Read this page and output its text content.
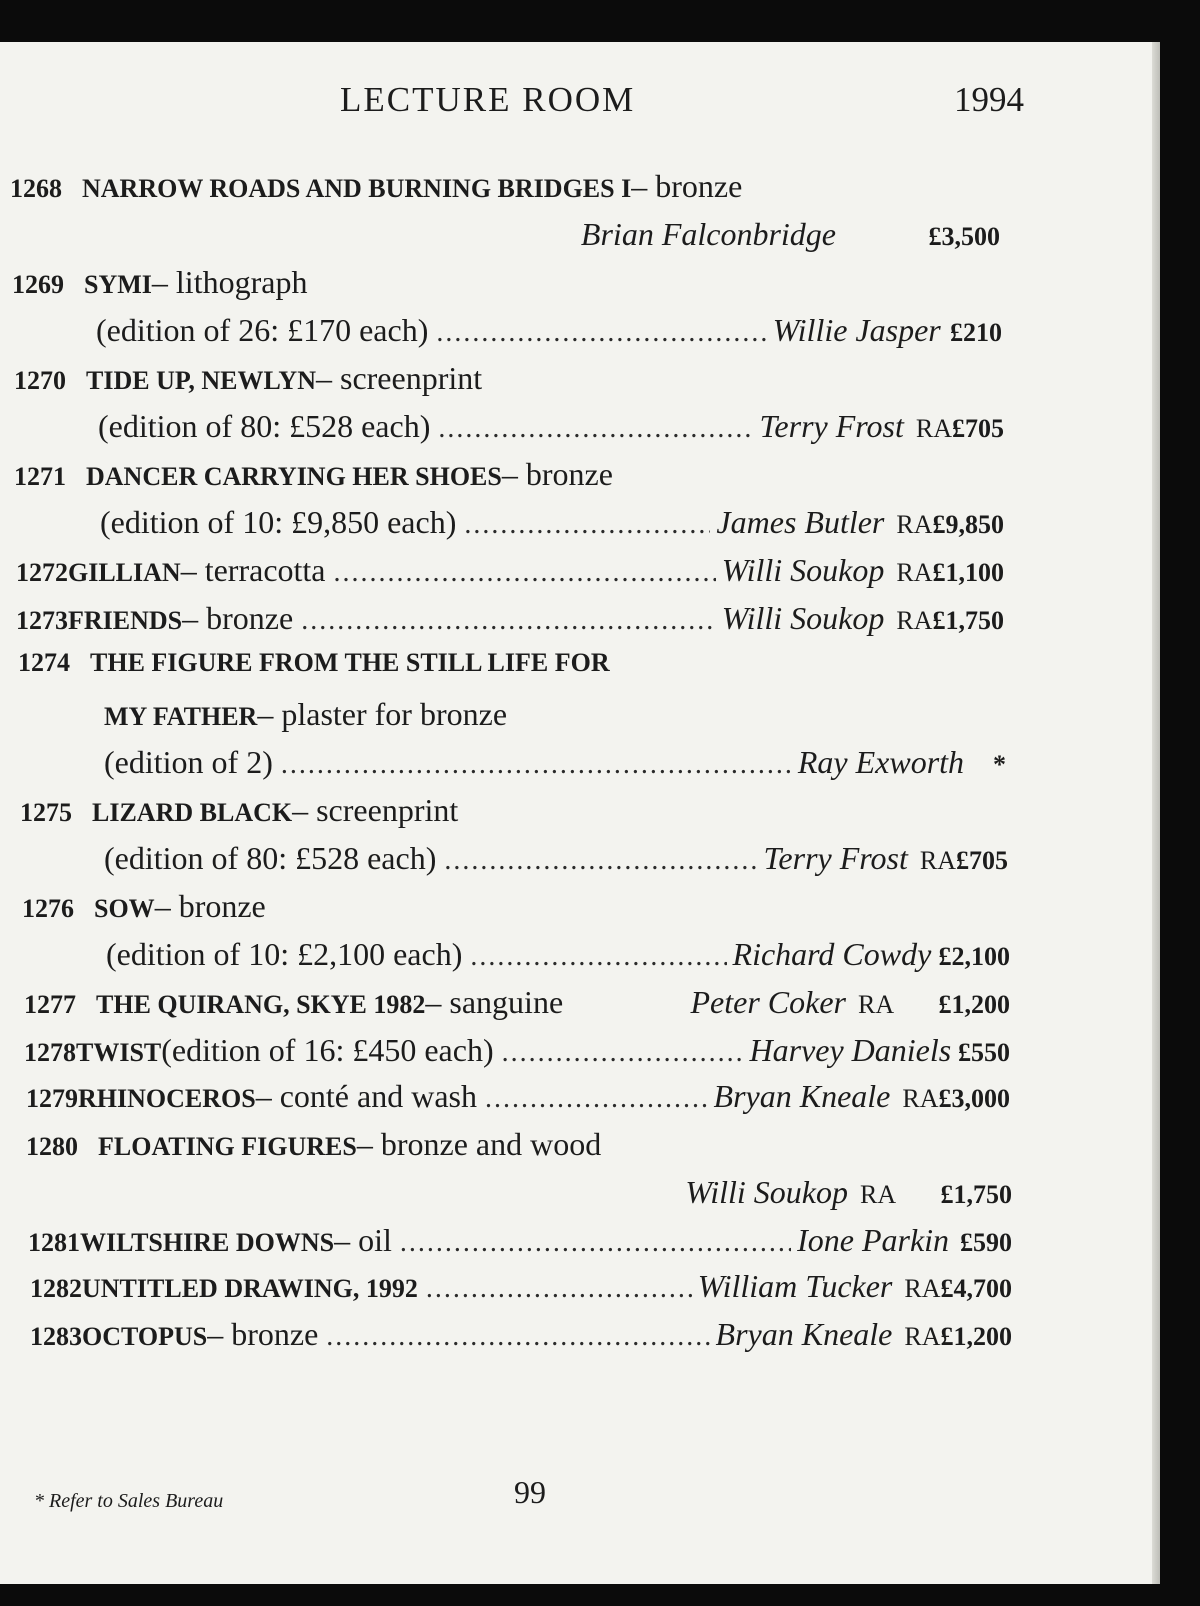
LECTURE ROOM	1994
1268 NARROW ROADS AND BURNING BRIDGES I – bronze
Brian Falconbridge	£3,500
1269 SYMI – lithograph
(edition of 26: £170 each) .....	Willie Jasper £210
1270 TIDE UP, NEWLYN – screenprint
(edition of 80: £528 each) .....	Terry Frost RA £705
1271 DANCER CARRYING HER SHOES – bronze
(edition of 10: £9,850 each) .....	James Butler RA £9,850
1272 GILLIAN – terracotta .....	Willi Soukop RA £1,100
1273 FRIENDS – bronze .....	Willi Soukop RA £1,750
1274 THE FIGURE FROM THE STILL LIFE FOR
MY FATHER – plaster for bronze
(edition of 2) .....	Ray Exworth	*
1275 LIZARD BLACK – screenprint
(edition of 80: £528 each) .....	Terry Frost RA £705
1276 SOW – bronze
(edition of 10: £2,100 each) .....	Richard Cowdy £2,100
1277 THE QUIRANG, SKYE 1982 – sanguine	Peter Coker RA	£1,200
1278 TWIST (edition of 16: £450 each) .....	Harvey Daniels £550
1279 RHINOCEROS – conté and wash .....	Bryan Kneale RA £3,000
1280 FLOATING FIGURES – bronze and wood
Willi Soukop RA	£1,750
1281 WILTSHIRE DOWNS – oil .....	Ione Parkin £590
1282 UNTITLED DRAWING, 1992 .....	William Tucker RA £4,700
1283 OCTOPUS – bronze .....	Bryan Kneale RA £1,200
* Refer to Sales Bureau	99
